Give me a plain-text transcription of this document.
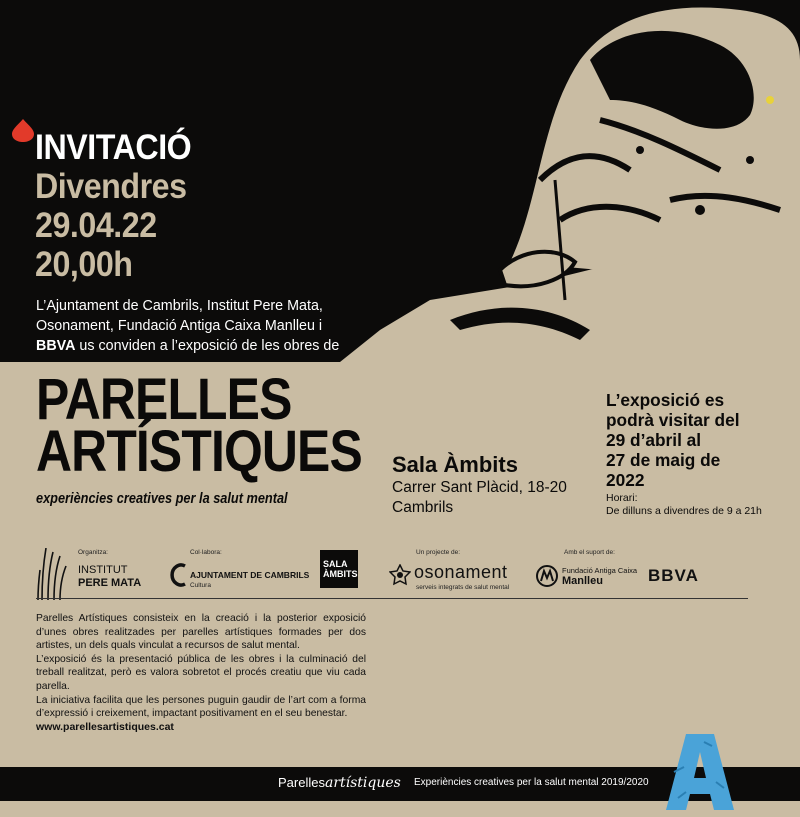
INVITACIÓ
Divendres
29.04.22
20,00h
L’Ajuntament de Cambrils, Institut Pere Mata,
Osonament, Fundació Antiga Caixa Manlleu i
BBVA us conviden a l’exposició de les obres de
PARELLES
ARTÍSTIQUES
experiències creatives per la salut mental
Sala Àmbits
Carrer Sant Plàcid, 18-20
Cambrils
L’exposició es
podrà visitar del
29 d’abril al
27 de maig de
2022
Horari:
De dilluns a divendres de 9 a 21h
Organitza:
INSTITUT
PERE MATA
Col·labora:
AJUNTAMENT DE CAMBRILS
Cultura
SALA
ÀMBITS
Un projecte de:
osonament
serveis integrats de salut mental
Amb el suport de:
Fundació Antiga Caixa
Manlleu	BBVA

Parelles Artístiques consisteix en la creació i la posterior exposició d’unes obres realitzades per parelles artístiques formades per dos artistes, un dels quals vinculat a recursos de salut mental.

L’exposició és la presentació pública de les obres i la culminació del treball realitzat, però es valora sobretot el procés creatiu que viu cada parella.

La iniciativa facilita que les persones puguin gaudir de l’art com a forma d’expressió i creixement, impactant positivament en el seu benestar.

www.parellesartistiques.cat
Parellesartístiques Experiències creatives per la salut mental 2019/2020
